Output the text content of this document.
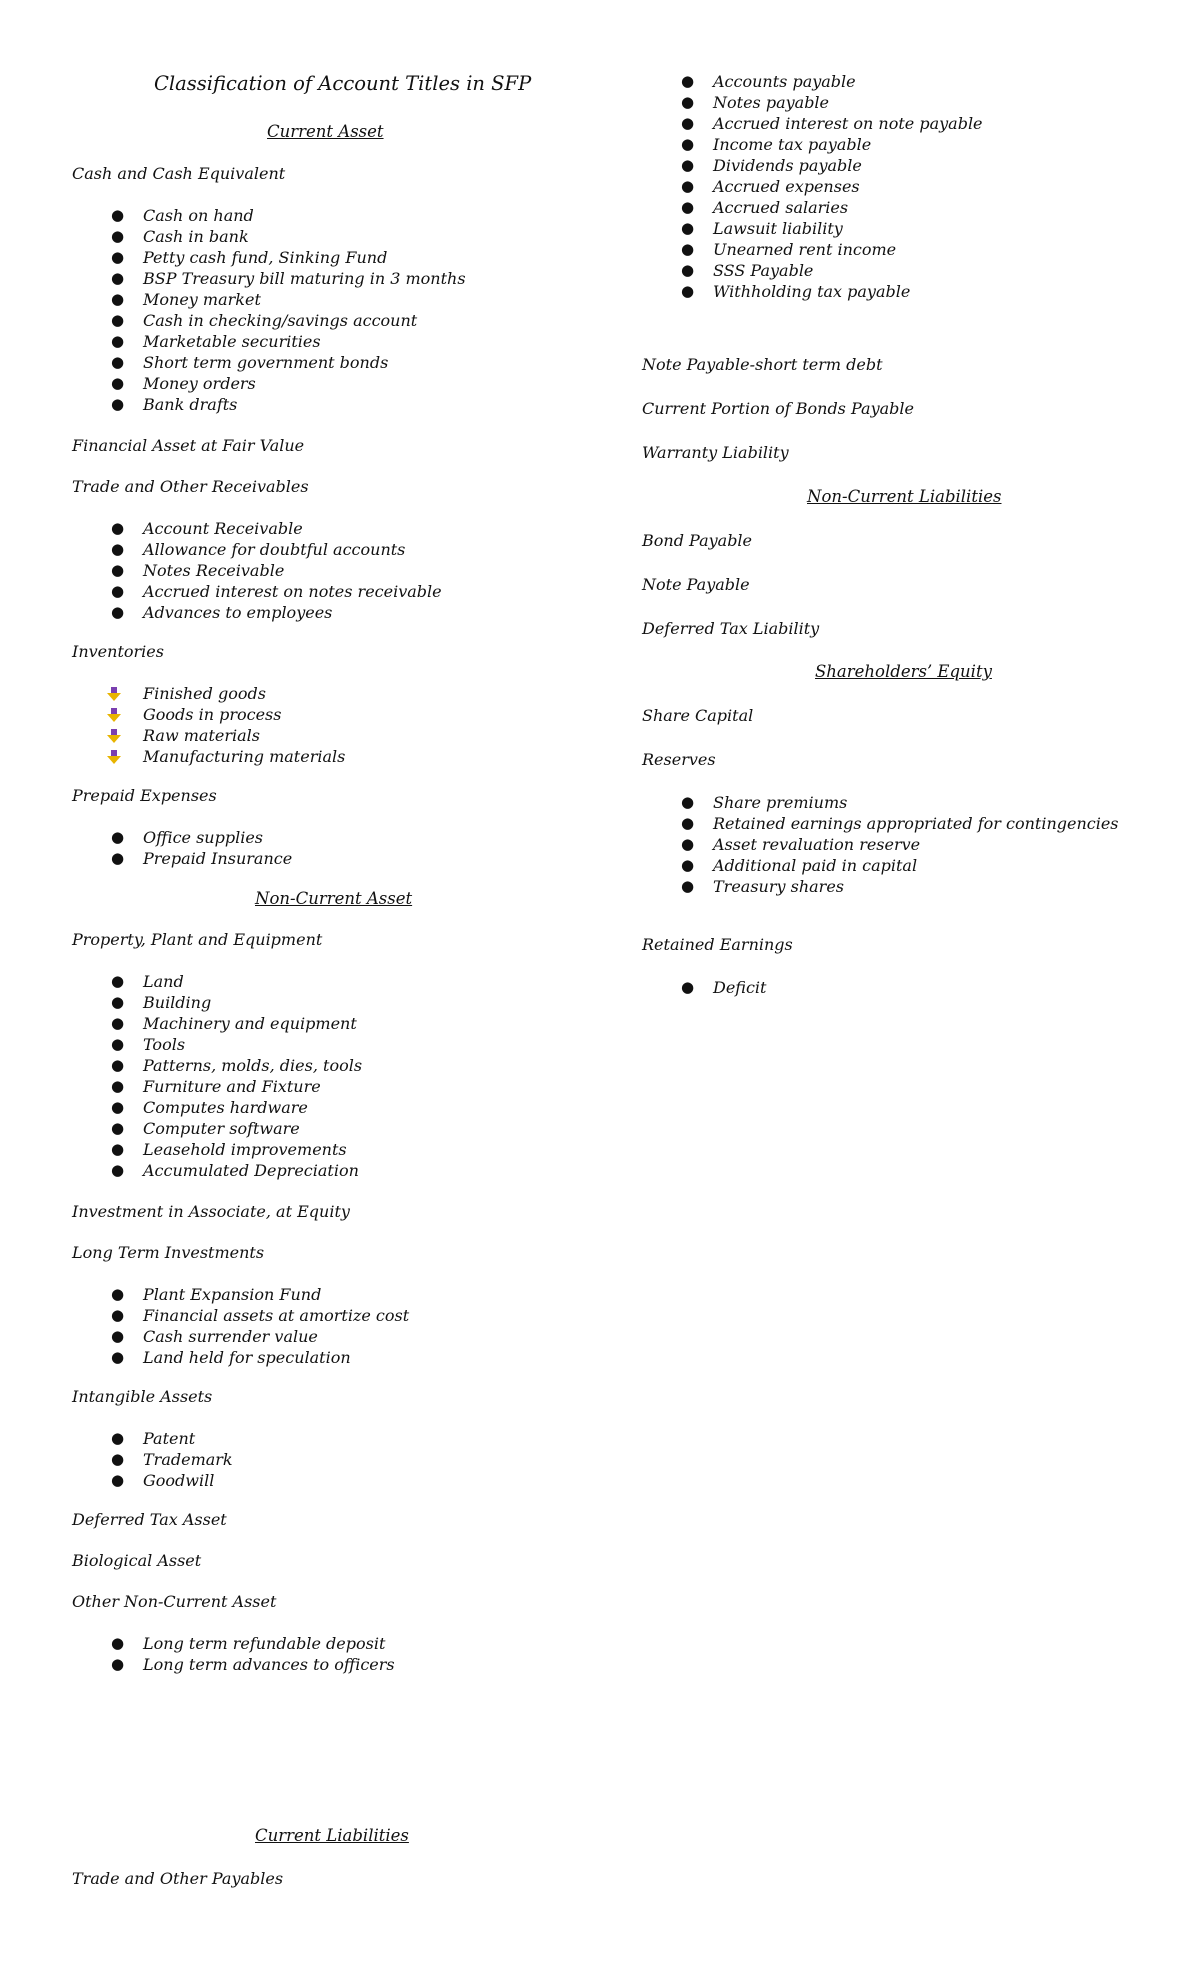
Classification of Account Titles in SFP
Current Asset
Cash and Cash Equivalent
● Cash on hand
● Cash in bank
● Petty cash fund, Sinking Fund
● BSP Treasury bill maturing in 3 months
● Money market
● Cash in checking/savings account
● Marketable securities
● Short term government bonds
● Money orders
● Bank drafts
Financial Asset at Fair Value
Trade and Other Receivables
● Account Receivable
● Allowance for doubtful accounts
● Notes Receivable
● Accrued interest on notes receivable
● Advances to employees
Inventories
Finished goods
Goods in process
Raw materials
Manufacturing materials
Prepaid Expenses
● Office supplies
● Prepaid Insurance
Non-Current Asset
Property, Plant and Equipment
● Land
● Building
● Machinery and equipment
● Tools
● Patterns, molds, dies, tools
● Furniture and Fixture
● Computes hardware
● Computer software
● Leasehold improvements
● Accumulated Depreciation
Investment in Associate, at Equity
Long Term Investments
● Plant Expansion Fund
● Financial assets at amortize cost
● Cash surrender value
● Land held for speculation
Intangible Assets
● Patent
● Trademark
● Goodwill
Deferred Tax Asset
Biological Asset
Other Non-Current Asset
● Long term refundable deposit
● Long term advances to officers
Current Liabilities
Trade and Other Payables
● Accounts payable
● Notes payable
● Accrued interest on note payable
● Income tax payable
● Dividends payable
● Accrued expenses
● Accrued salaries
● Lawsuit liability
● Unearned rent income
● SSS Payable
● Withholding tax payable
Note Payable-short term debt
Current Portion of Bonds Payable
Warranty Liability
Non-Current Liabilities
Bond Payable
Note Payable
Deferred Tax Liability
Shareholders’ Equity
Share Capital
Reserves
● Share premiums
● Retained earnings appropriated for contingencies
● Asset revaluation reserve
● Additional paid in capital
● Treasury shares
Retained Earnings
● Deficit
